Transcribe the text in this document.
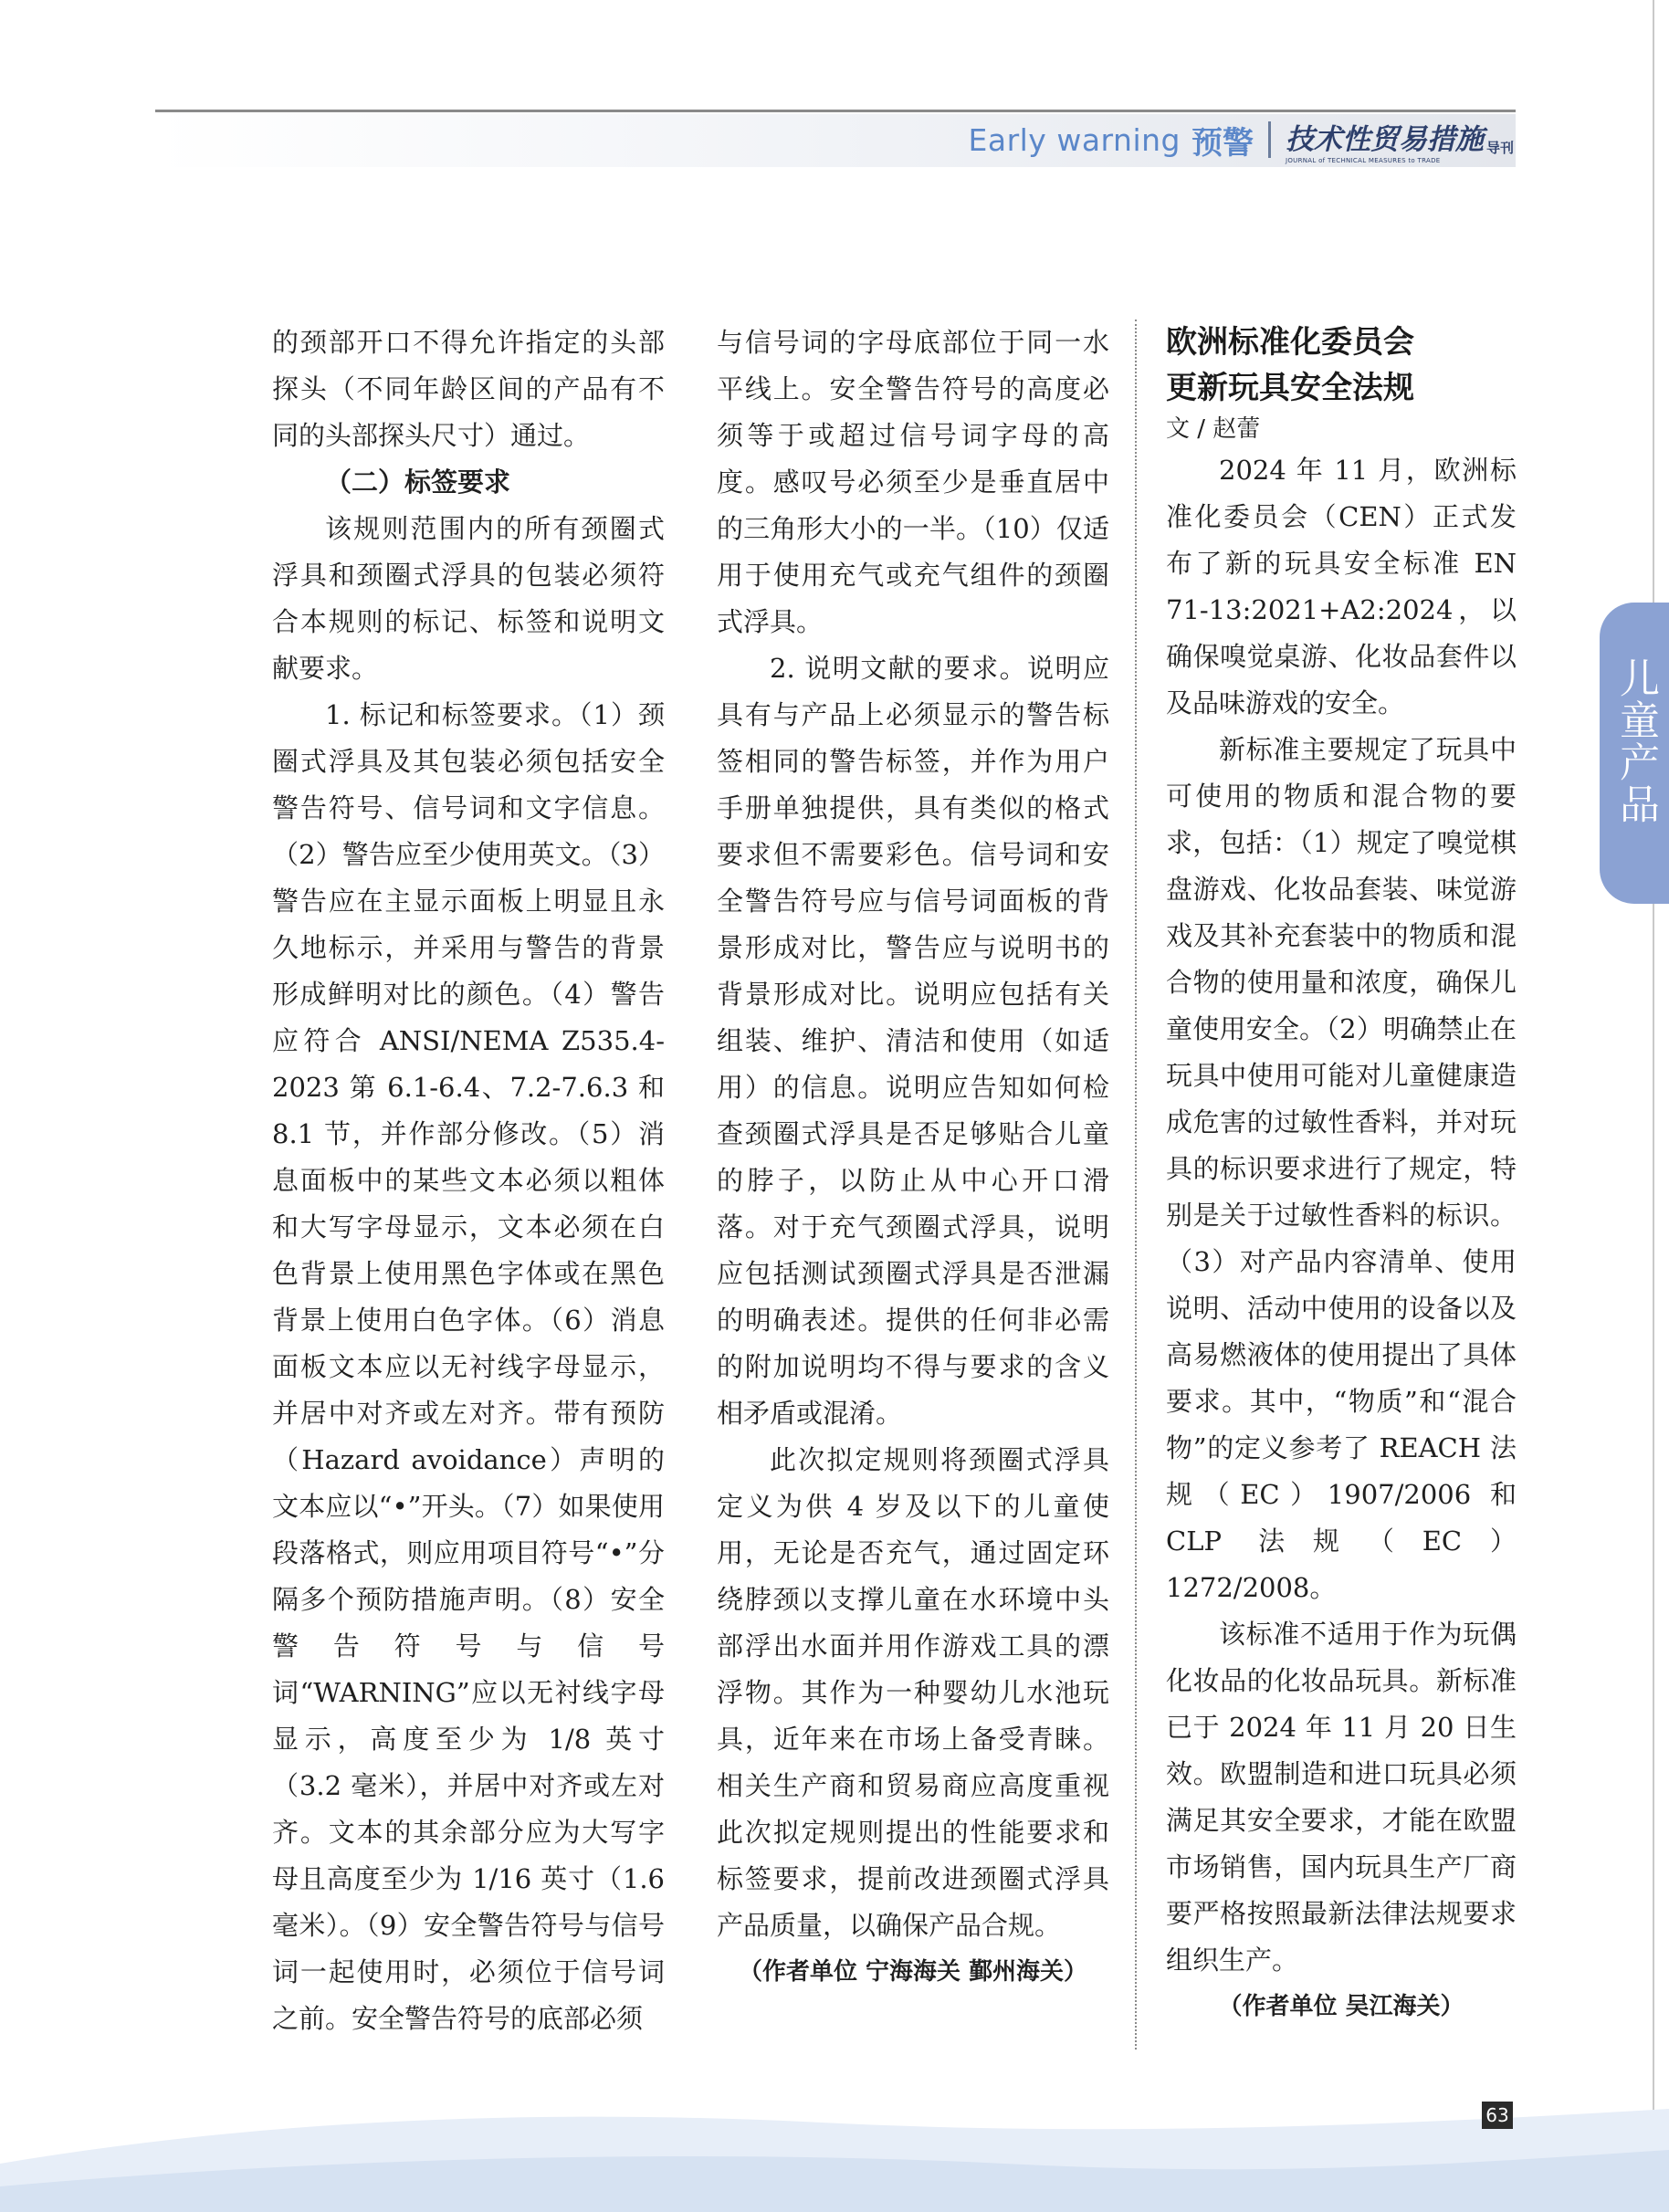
Early warning 预警 技术性贸易措施 导刊
JOURNAL of TECHNICAL MEASURES to TRADE

的颈部开口不得允许指定的头部探头（不同年龄区间的产品有不同的头部探头尺寸）通过。

（二）标签要求

该规则范围内的所有颈圈式浮具和颈圈式浮具的包装必须符合本规则的标记、标签和说明文献要求。

1. 标记和标签要求。（1）颈圈式浮具及其包装必须包括安全警告符号、信号词和文字信息。（2）警告应至少使用英文。（3）警告应在主显示面板上明显且永久地标示，并采用与警告的背景形成鲜明对比的颜色。（4）警告应符合 ANSI/NEMA Z535.4-2023 第 6.1-6.4、7.2-7.6.3 和 8.1 节，并作部分修改。（5）消息面板中的某些文本必须以粗体和大写字母显示，文本必须在白色背景上使用黑色字体或在黑色背景上使用白色字体。（6）消息面板文本应以无衬线字母显示，并居中对齐或左对齐。带有预防（Hazard avoidance）声明的文本应以“•”开头。（7）如果使用段落格式，则应用项目符号“•”分隔多个预防措施声明。（8）安全警告符号与信号词“WARNING”应以无衬线字母显示，高度至少为 1/8 英寸（3.2 毫米），并居中对齐或左对齐。文本的其余部分应为大写字母且高度至少为 1/16 英寸（1.6 毫米）。（9）安全警告符号与信号词一起使用时，必须位于信号词之前。安全警告符号的底部必须

与信号词的字母底部位于同一水平线上。安全警告符号的高度必须等于或超过信号词字母的高度。感叹号必须至少是垂直居中的三角形大小的一半。（10）仅适用于使用充气或充气组件的颈圈式浮具。

2. 说明文献的要求。说明应具有与产品上必须显示的警告标签相同的警告标签，并作为用户手册单独提供，具有类似的格式要求但不需要彩色。信号词和安全警告符号应与信号词面板的背景形成对比，警告应与说明书的背景形成对比。说明应包括有关组装、维护、清洁和使用（如适用）的信息。说明应告知如何检查颈圈式浮具是否足够贴合儿童的脖子，以防止从中心开口滑落。对于充气颈圈式浮具，说明应包括测试颈圈式浮具是否泄漏的明确表述。提供的任何非必需的附加说明均不得与要求的含义相矛盾或混淆。

此次拟定规则将颈圈式浮具定义为供 4 岁及以下的儿童使用，无论是否充气，通过固定环绕脖颈以支撑儿童在水环境中头部浮出水面并用作游戏工具的漂浮物。其作为一种婴幼儿水池玩具，近年来在市场上备受青睐。相关生产商和贸易商应高度重视此次拟定规则提出的性能要求和标签要求，提前改进颈圈式浮具产品质量，以确保产品合规。

（作者单位 宁海海关 鄞州海关）

欧洲标准化委员会

更新玩具安全法规

文 / 赵蕾

2024 年 11 月，欧洲标准化委员会（CEN）正式发布了新的玩具安全标准 EN 71-13:2021+A2:2024，以确保嗅觉桌游、化妆品套件以及品味游戏的安全。

新标准主要规定了玩具中可使用的物质和混合物的要求，包括：（1）规定了嗅觉棋盘游戏、化妆品套装、味觉游戏及其补充套装中的物质和混合物的使用量和浓度，确保儿童使用安全。（2）明确禁止在玩具中使用可能对儿童健康造成危害的过敏性香料，并对玩具的标识要求进行了规定，特别是关于过敏性香料的标识。（3）对产品内容清单、使用说明、活动中使用的设备以及高易燃液体的使用提出了具体要求。其中，“物质”和“混合物”的定义参考了 REACH 法规（EC）1907/2006 和 CLP 法规（EC）1272/2008。

该标准不适用于作为玩偶化妆品的化妆品玩具。新标准已于 2024 年 11 月 20 日生效。欧盟制造和进口玩具必须满足其安全要求，才能在欧盟市场销售，国内玩具生产厂商要严格按照最新法律法规要求组织生产。

（作者单位 吴江海关）

儿童产品
63
